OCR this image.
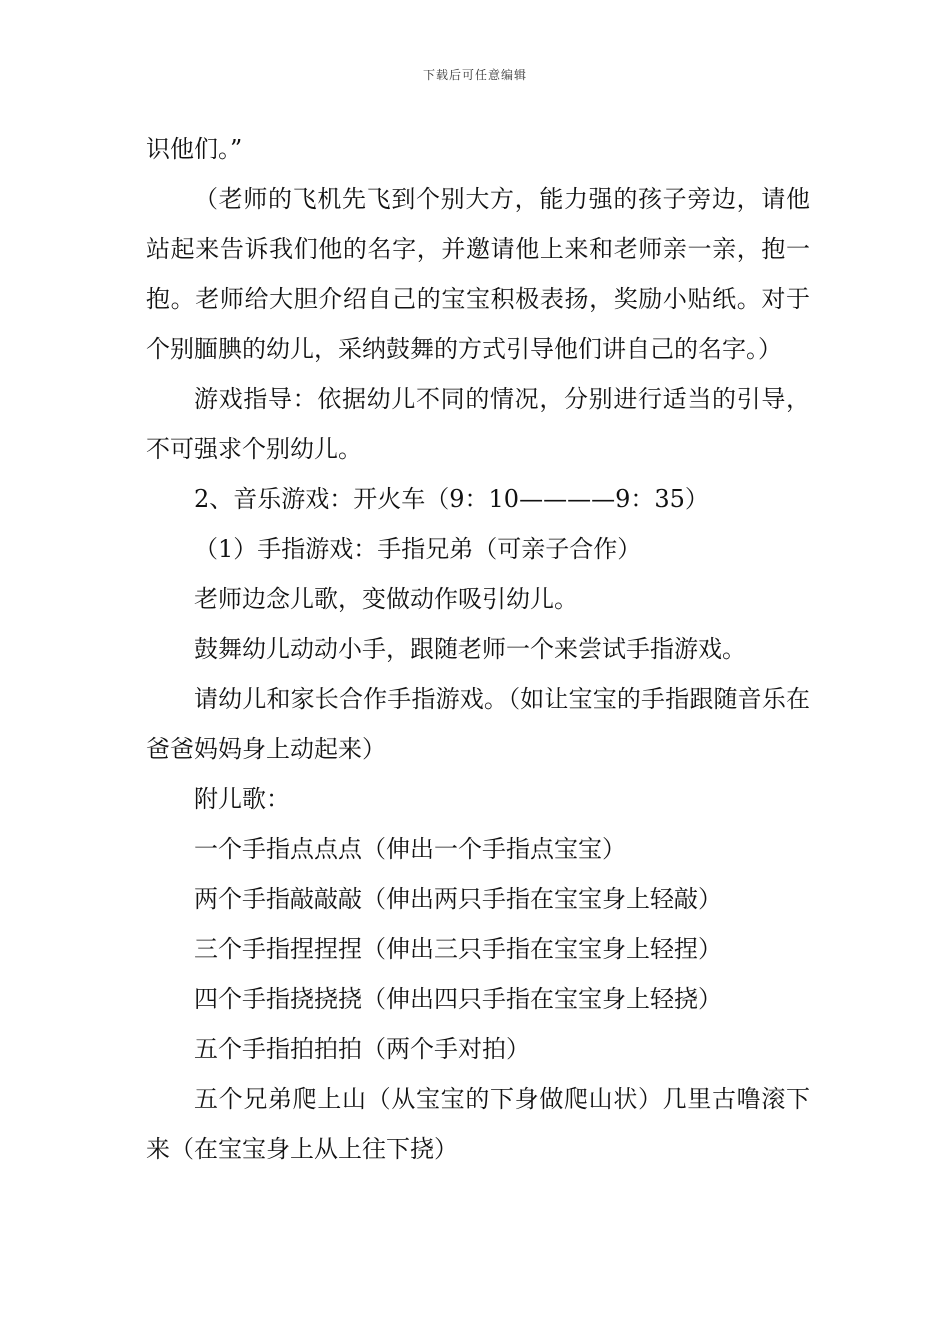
下载后可任意编辑

识他们。”

（老师的飞机先飞到个别大方，能力强的孩子旁边，请他站起来告诉我们他的名字，并邀请他上来和老师亲一亲，抱一抱。老师给大胆介绍自己的宝宝积极表扬，奖励小贴纸。对于个别腼腆的幼儿，采纳鼓舞的方式引导他们讲自己的名字。）

游戏指导：依据幼儿不同的情况，分别进行适当的引导，不可强求个别幼儿。

2、音乐游戏：开火车（9：10————9：35）

（1）手指游戏：手指兄弟（可亲子合作）

老师边念儿歌，变做动作吸引幼儿。

鼓舞幼儿动动小手，跟随老师一个来尝试手指游戏。

请幼儿和家长合作手指游戏。（如让宝宝的手指跟随音乐在爸爸妈妈身上动起来）

附儿歌：

一个手指点点点（伸出一个手指点宝宝）

两个手指敲敲敲（伸出两只手指在宝宝身上轻敲）

三个手指捏捏捏（伸出三只手指在宝宝身上轻捏）

四个手指挠挠挠（伸出四只手指在宝宝身上轻挠）

五个手指拍拍拍（两个手对拍）

五个兄弟爬上山（从宝宝的下身做爬山状）几里古噜滚下来（在宝宝身上从上往下挠）
